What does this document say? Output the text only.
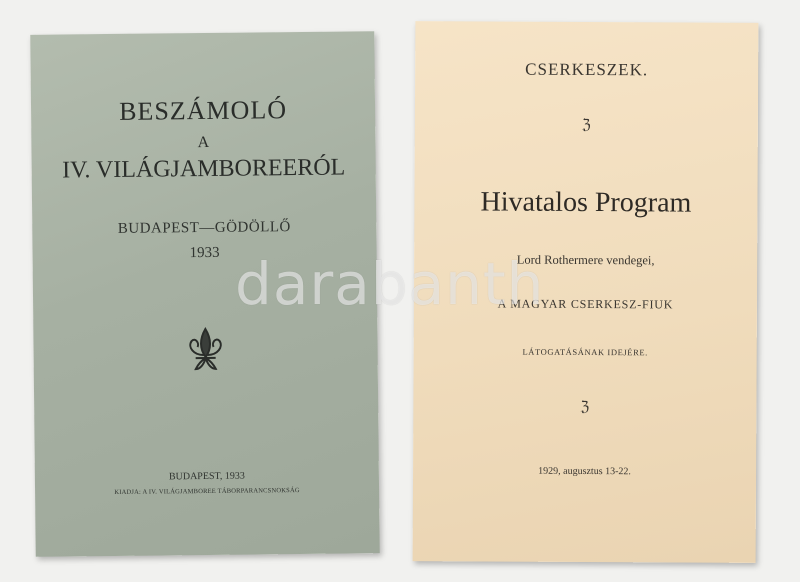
BESZÁMOLÓ
A
IV. VILÁGJAMBOREERÓL
BUDAPEST—GÖDÖLLŐ
1933
BUDAPEST, 1933
KIADJA: A IV. VILÁGJAMBOREE TÁBORPARANCSNOKSÁG
CSERKESZEK.
ℨ
Hivatalos Program
Lord Rothermere vendegei,
A MAGYAR CSERKESZ-FIUK
LÁTOGATÁSÁNAK IDEJÉRE.
ℨ
1929, augusztus 13-22.
darabanth
